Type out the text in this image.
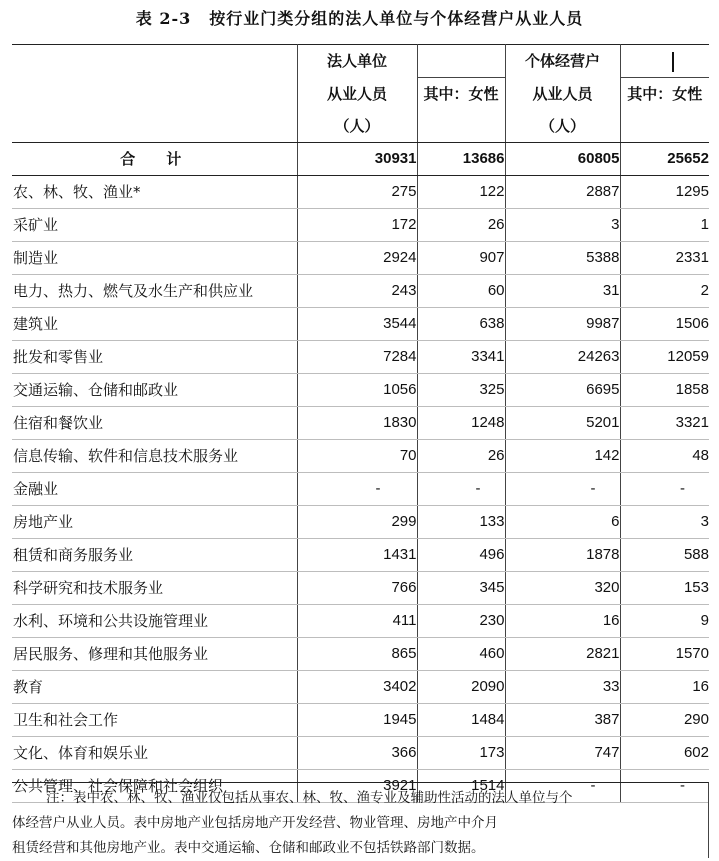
表 2-3 按行业门类分组的法人单位与个体经营户从业人员
	法人单位		个体经营户	
	从业人员	其中：女性	从业人员	其中：女性
	（人）		（人）	
合　计	30931	13686	60805	25652
农、林、牧、渔业*	275	122	2887	1295
采矿业	172	26	3	1
制造业	2924	907	5388	2331
电力、热力、燃气及水生产和供应业	243	60	31	2
建筑业	3544	638	9987	1506
批发和零售业	7284	3341	24263	12059
交通运输、仓储和邮政业	1056	325	6695	1858
住宿和餐饮业	1830	1248	5201	3321
信息传输、软件和信息技术服务业	70	26	142	48
金融业	-	-	-	-
房地产业	299	133	6	3
租赁和商务服务业	1431	496	1878	588
科学研究和技术服务业	766	345	320	153
水利、环境和公共设施管理业	411	230	16	9
居民服务、修理和其他服务业	865	460	2821	1570
教育	3402	2090	33	16
卫生和社会工作	1945	1484	387	290
文化、体育和娱乐业	366	173	747	602
公共管理、社会保障和社会组织	3921	1514	-	-
注：表中农、林、牧、渔业仅包括从事农、林、牧、渔专业及辅助性活动的法人单位与个
体经营户从业人员。表中房地产业包括房地产开发经营、物业管理、房地产中介月
租赁经营和其他房地产业。表中交通运输、仓储和邮政业不包括铁路部门数据。
